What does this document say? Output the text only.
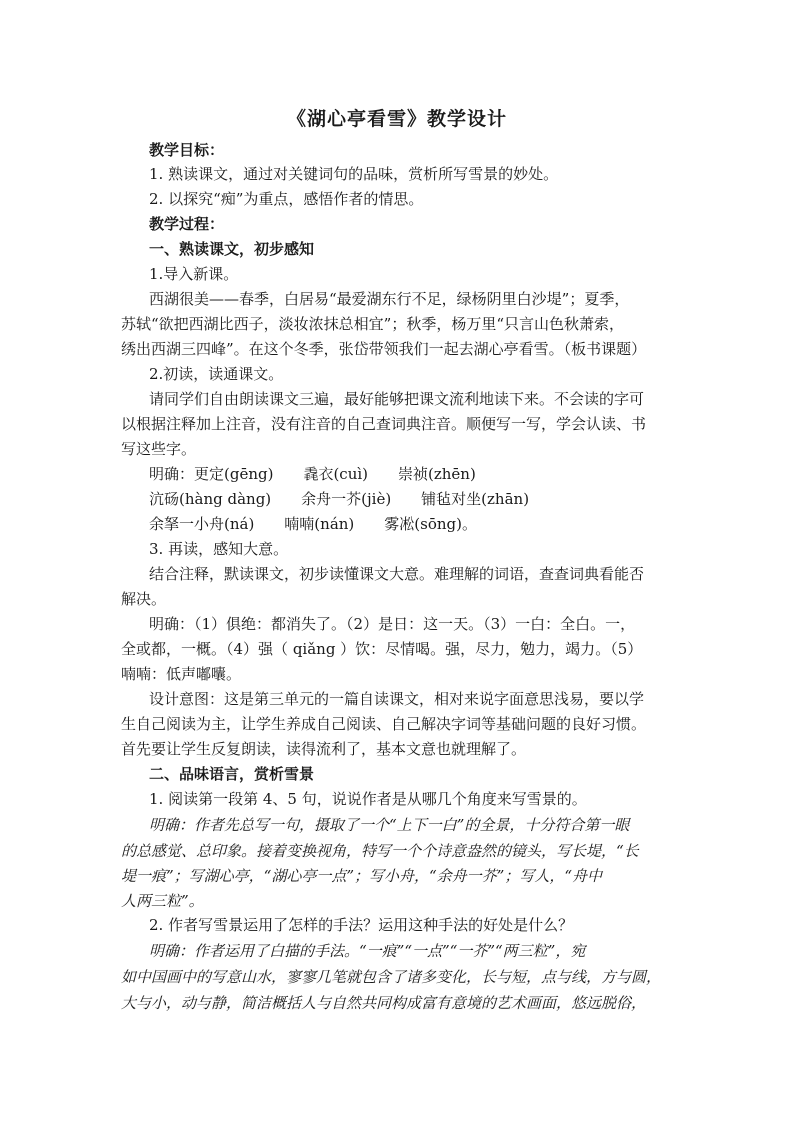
《湖心亭看雪》教学设计
教学目标：
1. 熟读课文，通过对关键词句的品味，赏析所写雪景的妙处。
2. 以探究“痴”为重点，感悟作者的情思。
教学过程：
一、熟读课文，初步感知
1.导入新课。
西湖很美——春季，白居易“最爱湖东行不足，绿杨阴里白沙堤”；夏季，
苏轼“欲把西湖比西子，淡妆浓抹总相宜”；秋季，杨万里“只言山色秋萧索，
绣出西湖三四峰”。在这个冬季，张岱带领我们一起去湖心亭看雪。（板书课题）
2.初读，读通课文。
请同学们自由朗读课文三遍，最好能够把课文流利地读下来。不会读的字可
以根据注释加上注音，没有注音的自己查词典注音。顺便写一写，学会认读、书
写这些字。
明确：更定(gēng)　　毳衣(cuì)　　崇祯(zhēn)
沆砀(hàng dàng)　　余舟一芥(jiè)　　铺毡对坐(zhān)
余拏一小舟(ná)　　喃喃(nán)　　雾凇(sōng)。
3. 再读，感知大意。
结合注释，默读课文，初步读懂课文大意。难理解的词语，查查词典看能否
解决。
明确：（1）俱绝：都消失了。（2）是日：这一天。（3）一白：全白。一，
全或都，一概。（4）强（ qiǎng ）饮：尽情喝。强，尽力，勉力，竭力。（5）
喃喃：低声嘟囔。
设计意图：这是第三单元的一篇自读课文，相对来说字面意思浅易，要以学
生自己阅读为主，让学生养成自己阅读、自己解决字词等基础问题的良好习惯。
首先要让学生反复朗读，读得流利了，基本文意也就理解了。
二、品味语言，赏析雪景
1. 阅读第一段第 4、5 句，说说作者是从哪几个角度来写雪景的。
明确：作者先总写一句，摄取了一个“上下一白”的全景，十分符合第一眼
的总感觉、总印象。接着变换视角，特写一个个诗意盎然的镜头，写长堤，“长
堤一痕”；写湖心亭，“湖心亭一点”；写小舟，“余舟一芥”；写人，“舟中
人两三粒”。
2. 作者写雪景运用了怎样的手法？运用这种手法的好处是什么？
明确：作者运用了白描的手法。“一痕”“一点”“一芥”“两三粒”，宛
如中国画中的写意山水，寥寥几笔就包含了诸多变化，长与短，点与线，方与圆，
大与小，动与静，简洁概括人与自然共同构成富有意境的艺术画面，悠远脱俗，
